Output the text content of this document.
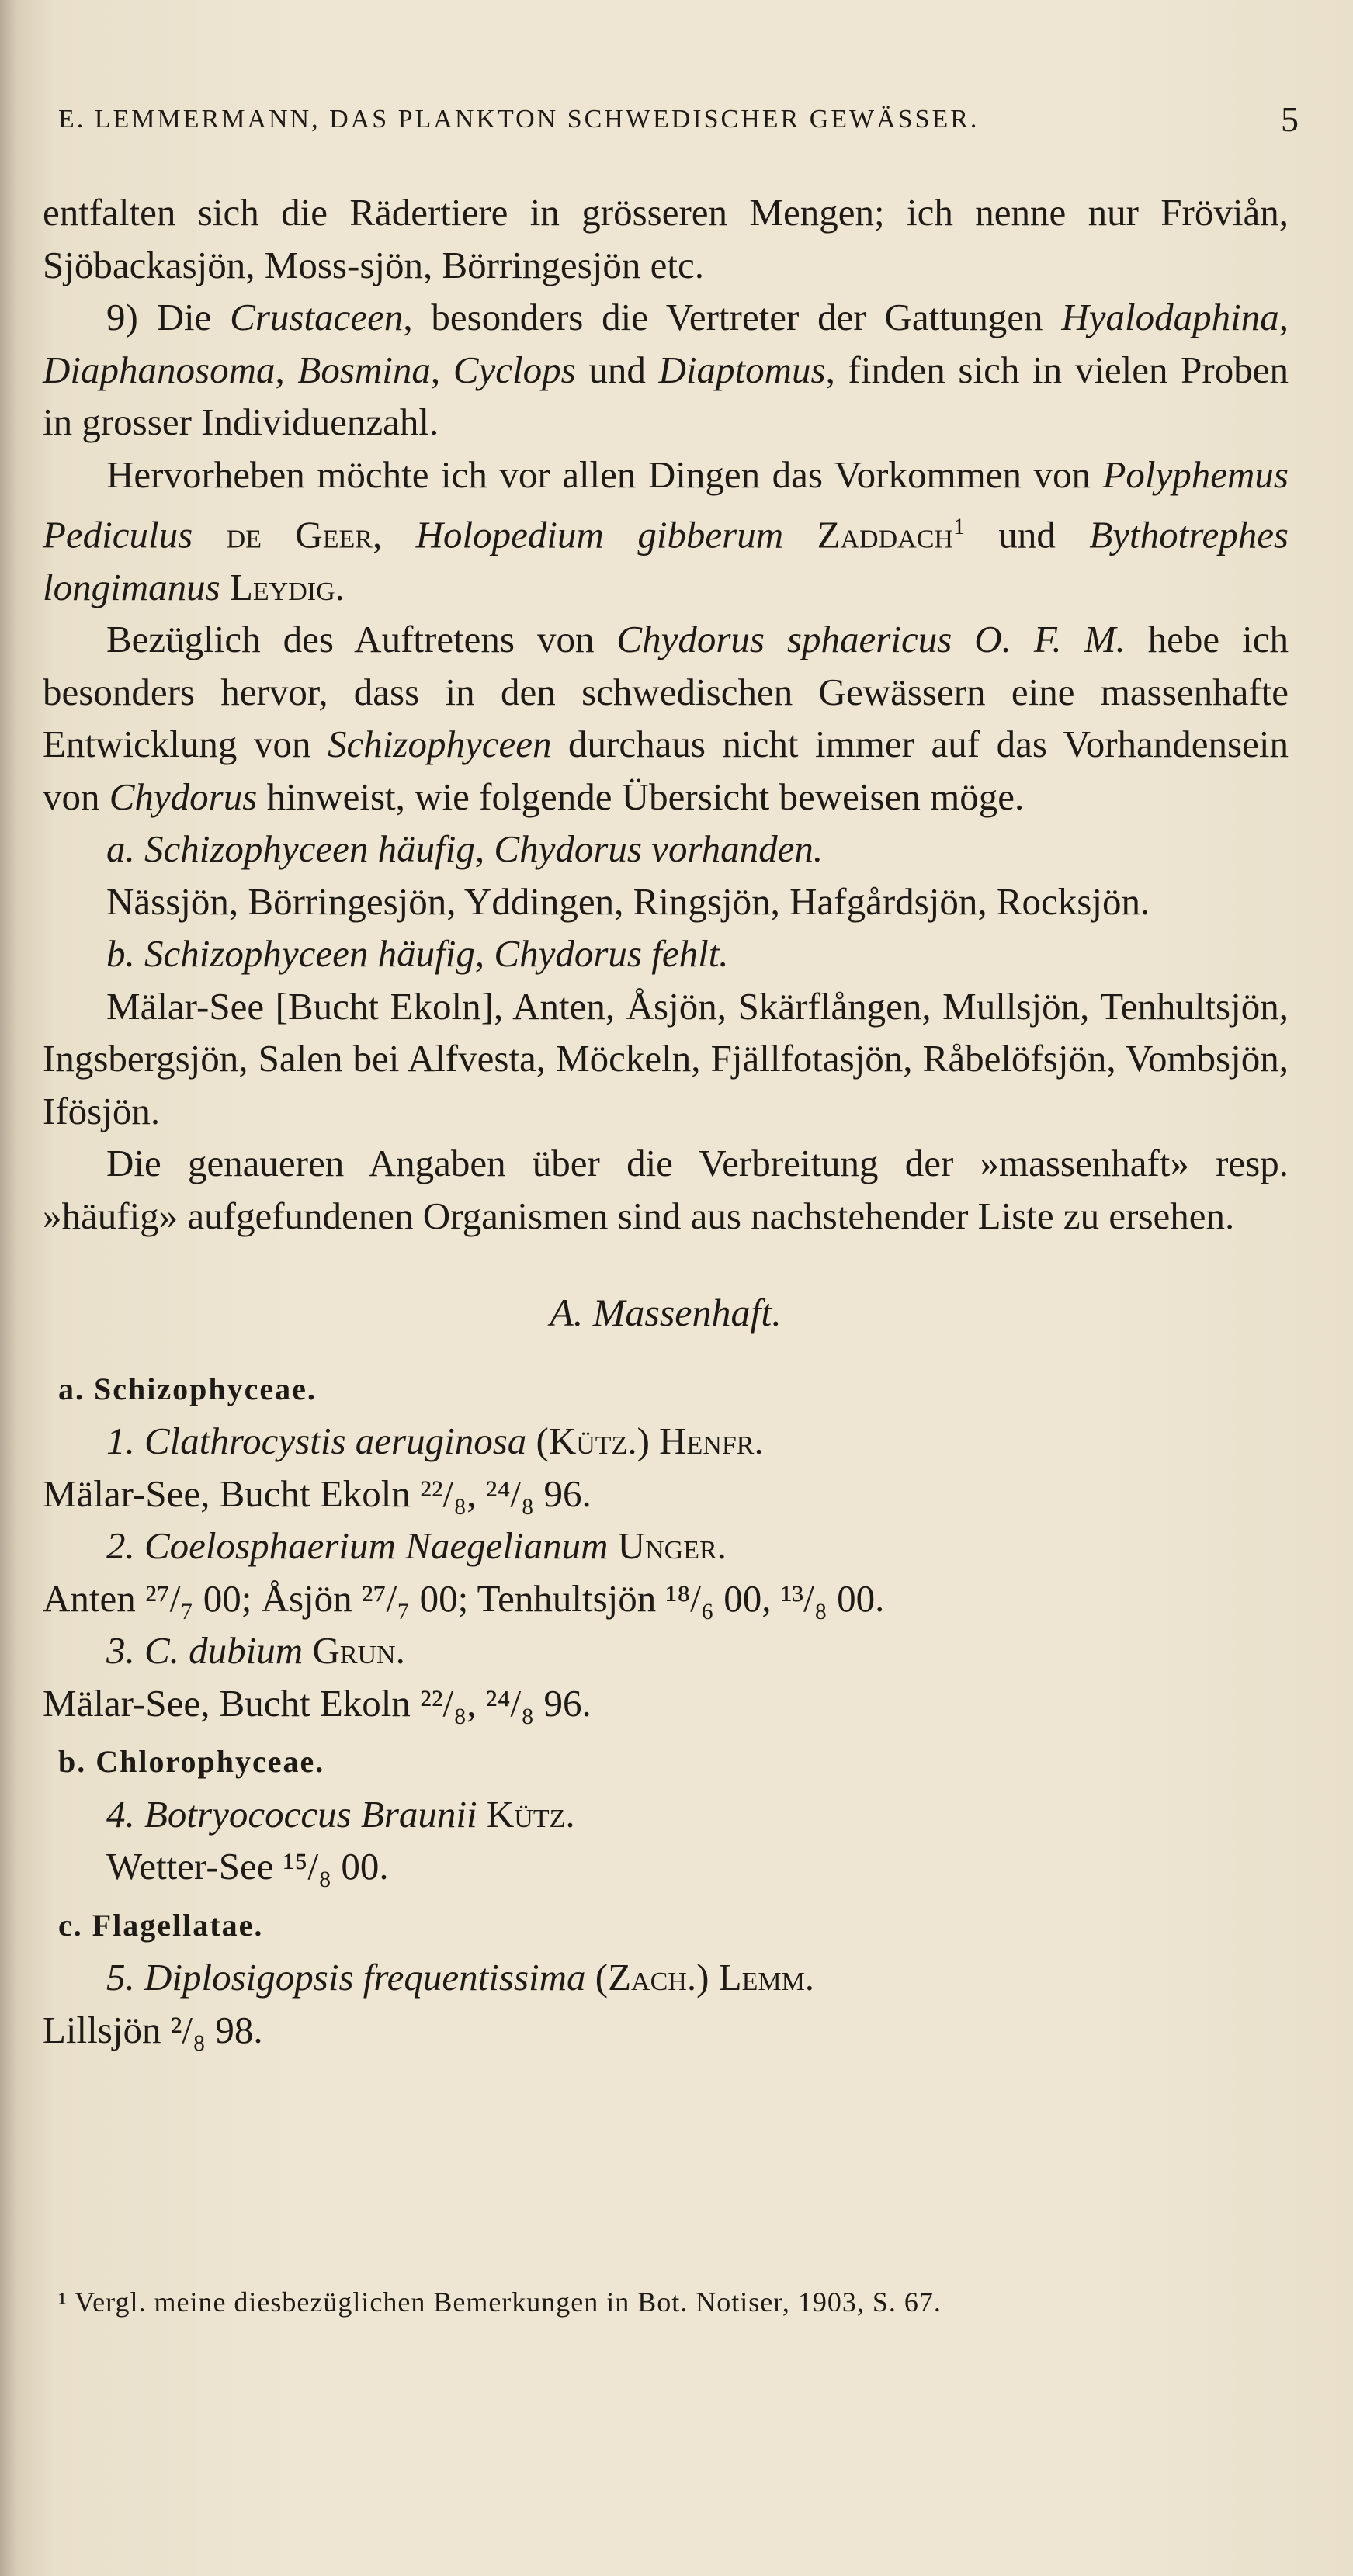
E. LEMMERMANN, DAS PLANKTON SCHWEDISCHER GEWÄSSER.	5

entfalten sich die Rädertiere in grösseren Mengen; ich nenne nur Fröviån, Sjöbackasjön, Moss-sjön, Börringesjön etc.

9) Die Crustaceen, besonders die Vertreter der Gattungen Hyalodaphina, Diaphanosoma, Bosmina, Cyclops und Diaptomus, finden sich in vielen Proben in grosser Individuenzahl.

Hervorheben möchte ich vor allen Dingen das Vorkommen von Polyphemus Pediculus de Geer, Holopedium gibberum Zaddach$^1$ und Bythotrephes longimanus Leydig.

Bezüglich des Auftretens von Chydorus sphaericus O. F. M. hebe ich besonders hervor, dass in den schwedischen Gewässern eine massenhafte Entwicklung von Schizophyceen durchaus nicht immer auf das Vorhandensein von Chydorus hinweist, wie folgende Übersicht beweisen möge.

a. Schizophyceen häufig, Chydorus vorhanden.

Nässjön, Börringesjön, Yddingen, Ringsjön, Hafgårdsjön, Rocksjön.

b. Schizophyceen häufig, Chydorus fehlt.

Mälar-See [Bucht Ekoln], Anten, Åsjön, Skärflången, Mullsjön, Tenhultsjön, Ingsbergsjön, Salen bei Alfvesta, Möckeln, Fjällfotasjön, Råbelöfsjön, Vombsjön, Ifösjön.

Die genaueren Angaben über die Verbreitung der »massenhaft» resp. »häufig» aufgefundenen Organismen sind aus nachstehender Liste zu ersehen.

A. Massenhaft.

a. Schizophyceae.

1. Clathrocystis aeruginosa (Kütz.) Henfr.

Mälar-See, Bucht Ekoln ²²/₈, ²⁴/₈ 96.

2. Coelosphaerium Naegelianum Unger.

Anten ²⁷/₇ 00; Åsjön ²⁷/₇ 00; Tenhultsjön ¹⁸/₆ 00, ¹³/₈ 00.

3. C. dubium Grun.

Mälar-See, Bucht Ekoln ²²/₈, ²⁴/₈ 96.

b. Chlorophyceae.

4. Botryococcus Braunii Kütz.

Wetter-See ¹⁵/₈ 00.

c. Flagellatae.

5. Diplosigopsis frequentissima (Zach.) Lemm.

Lillsjön ²/₈ 98.

¹ Vergl. meine diesbezüglichen Bemerkungen in Bot. Notiser, 1903, S. 67.
